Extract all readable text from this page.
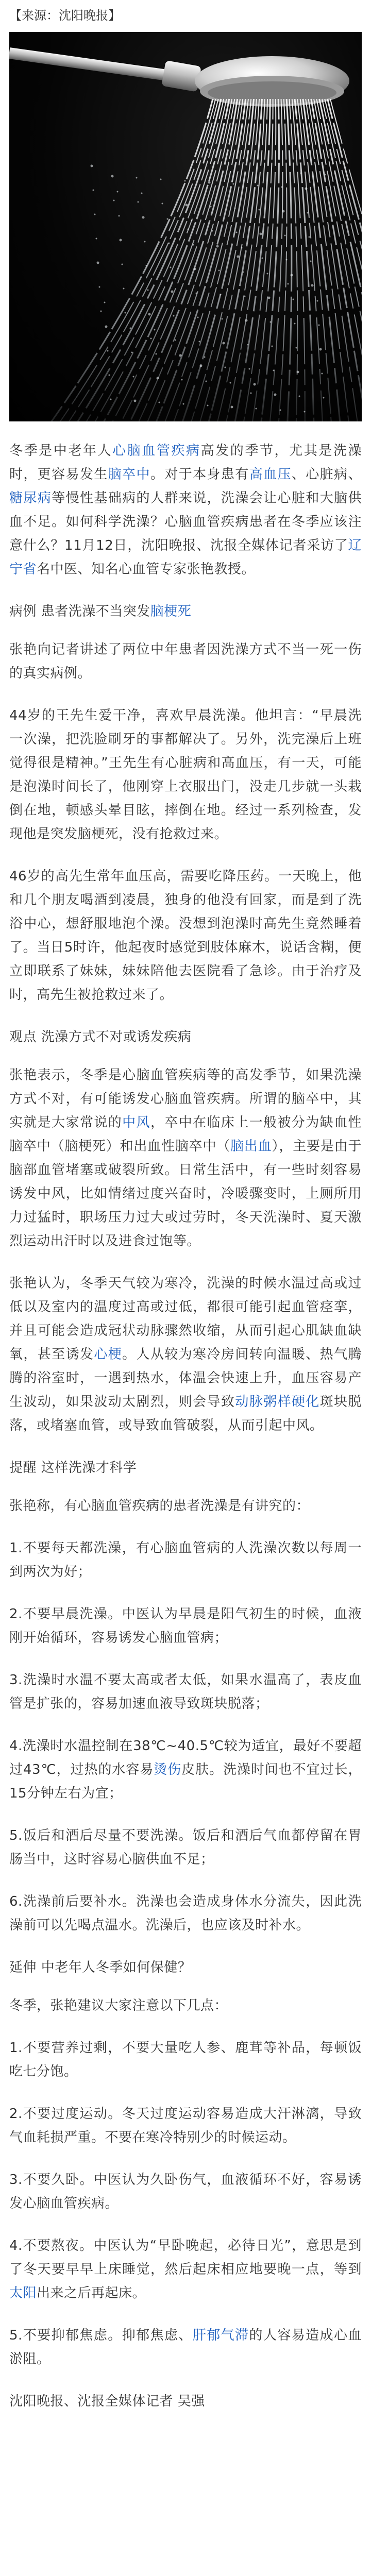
【来源：沈阳晚报】

冬季是中老年人心脑血管疾病高发的季节，尤其是洗澡时，更容易发生脑卒中。对于本身患有高血压、心脏病、糖尿病等慢性基础病的人群来说，洗澡会让心脏和大脑供血不足。如何科学洗澡？心脑血管疾病患者在冬季应该注意什么？11月12日，沈阳晚报、沈报全媒体记者采访了辽宁省名中医、知名心血管专家张艳教授。

病例 患者洗澡不当突发脑梗死

张艳向记者讲述了两位中年患者因洗澡方式不当一死一伤的真实病例。

44岁的王先生爱干净，喜欢早晨洗澡。他坦言：“早晨洗一次澡，把洗脸刷牙的事都解决了。另外，洗完澡后上班觉得很是精神。”王先生有心脏病和高血压，有一天，可能是泡澡时间长了，他刚穿上衣服出门，没走几步就一头栽倒在地，顿感头晕目眩，摔倒在地。经过一系列检查，发现他是突发脑梗死，没有抢救过来。

46岁的高先生常年血压高，需要吃降压药。一天晚上，他和几个朋友喝酒到凌晨，独身的他没有回家，而是到了洗浴中心，想舒服地泡个澡。没想到泡澡时高先生竟然睡着了。当日5时许，他起夜时感觉到肢体麻木，说话含糊，便立即联系了妹妹，妹妹陪他去医院看了急诊。由于治疗及时，高先生被抢救过来了。

观点 洗澡方式不对或诱发疾病

张艳表示，冬季是心脑血管疾病等的高发季节，如果洗澡方式不对，有可能诱发心脑血管疾病。所谓的脑卒中，其实就是大家常说的中风，卒中在临床上一般被分为缺血性脑卒中（脑梗死）和出血性脑卒中（脑出血），主要是由于脑部血管堵塞或破裂所致。日常生活中，有一些时刻容易诱发中风，比如情绪过度兴奋时，冷暖骤变时，上厕所用力过猛时，职场压力过大或过劳时，冬天洗澡时、夏天激烈运动出汗时以及进食过饱等。

张艳认为，冬季天气较为寒冷，洗澡的时候水温过高或过低以及室内的温度过高或过低，都很可能引起血管痉挛，并且可能会造成冠状动脉骤然收缩，从而引起心肌缺血缺氧，甚至诱发心梗。人从较为寒冷房间转向温暖、热气腾腾的浴室时，一遇到热水，体温会快速上升，血压容易产生波动，如果波动太剧烈，则会导致动脉粥样硬化斑块脱落，或堵塞血管，或导致血管破裂，从而引起中风。

提醒 这样洗澡才科学

张艳称，有心脑血管疾病的患者洗澡是有讲究的：

1.不要每天都洗澡，有心脑血管病的人洗澡次数以每周一到两次为好；

2.不要早晨洗澡。中医认为早晨是阳气初生的时候，血液刚开始循环，容易诱发心脑血管病；

3.洗澡时水温不要太高或者太低，如果水温高了，表皮血管是扩张的，容易加速血液导致斑块脱落；

4.洗澡时水温控制在38℃~40.5℃较为适宜，最好不要超过43℃，过热的水容易烫伤皮肤。洗澡时间也不宜过长，15分钟左右为宜；

5.饭后和酒后尽量不要洗澡。饭后和酒后气血都停留在胃肠当中，这时容易心脑供血不足；

6.洗澡前后要补水。洗澡也会造成身体水分流失，因此洗澡前可以先喝点温水。洗澡后，也应该及时补水。

延伸 中老年人冬季如何保健？

冬季，张艳建议大家注意以下几点：

1.不要营养过剩，不要大量吃人参、鹿茸等补品，每顿饭吃七分饱。

2.不要过度运动。冬天过度运动容易造成大汗淋漓，导致气血耗损严重。不要在寒冷特别少的时候运动。

3.不要久卧。中医认为久卧伤气，血液循环不好，容易诱发心脑血管疾病。

4.不要熬夜。中医认为“早卧晚起，必待日光”，意思是到了冬天要早早上床睡觉，然后起床相应地要晚一点，等到太阳出来之后再起床。

5.不要抑郁焦虑。抑郁焦虑、肝郁气滞的人容易造成心血淤阻。

沈阳晚报、沈报全媒体记者 吴强
